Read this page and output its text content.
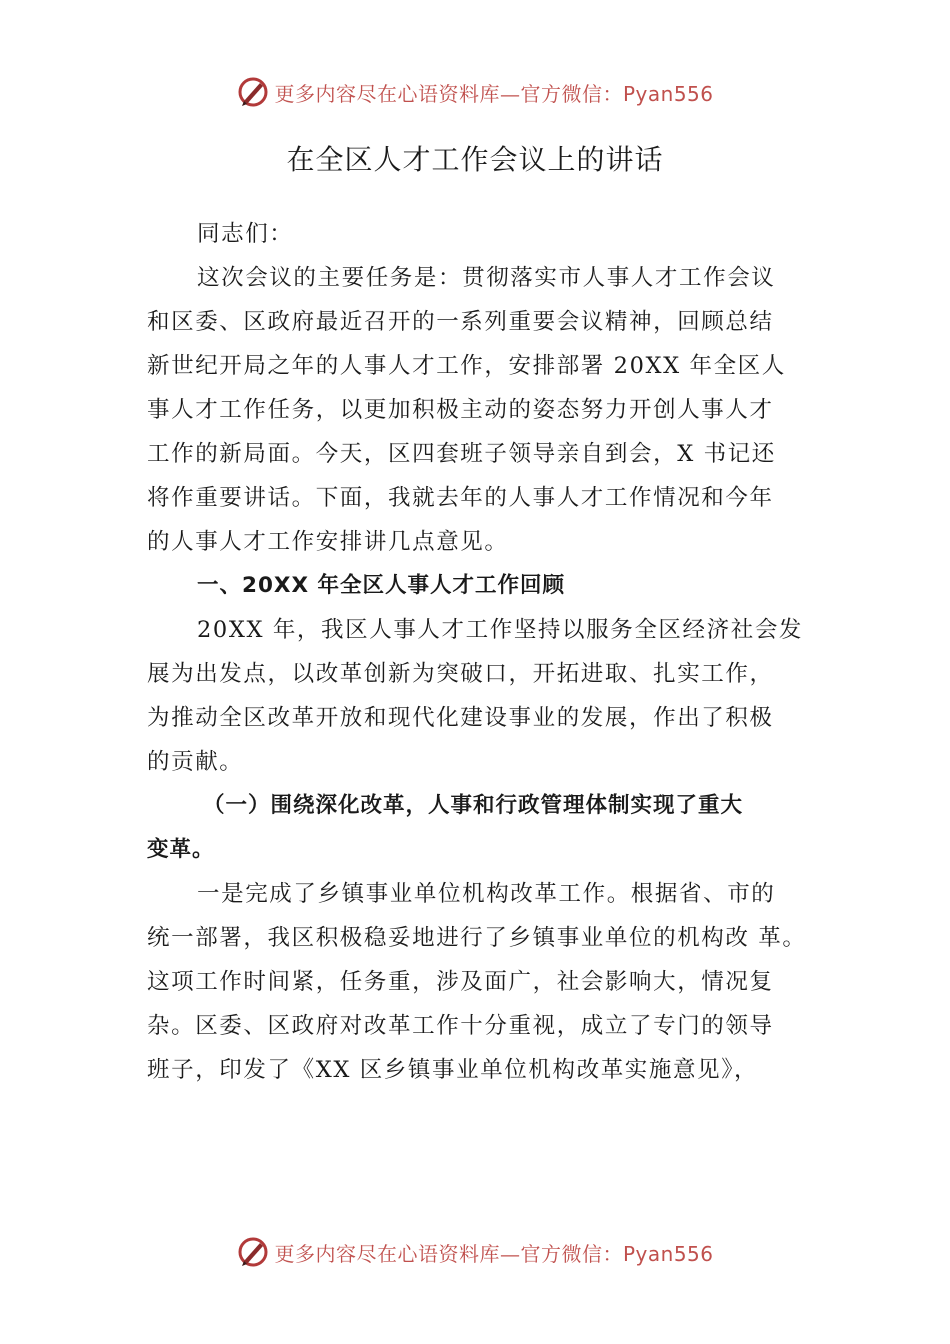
更多内容尽在心语资料库—官方微信：Pyan556
在全区人才工作会议上的讲话

同志们：

这次会议的主要任务是：贯彻落实市人事人才工作会议

和区委、区政府最近召开的一系列重要会议精神，回顾总结

新世纪开局之年的人事人才工作，安排部署 20XX 年全区人

事人才工作任务，以更加积极主动的姿态努力开创人事人才

工作的新局面。今天，区四套班子领导亲自到会，X 书记还

将作重要讲话。下面，我就去年的人事人才工作情况和今年

的人事人才工作安排讲几点意见。

一、20XX 年全区人事人才工作回顾

20XX 年，我区人事人才工作坚持以服务全区经济社会发

展为出发点，以改革创新为突破口，开拓进取、扎实工作，

为推动全区改革开放和现代化建设事业的发展，作出了积极

的贡献。

（一）围绕深化改革，人事和行政管理体制实现了重大

变革。

一是完成了乡镇事业单位机构改革工作。根据省、市的

统一部署，我区积极稳妥地进行了乡镇事业单位的机构改 革。

这项工作时间紧，任务重，涉及面广，社会影响大，情况复

杂。区委、区政府对改革工作十分重视，成立了专门的领导

班子，印发了《XX 区乡镇事业单位机构改革实施意见》，

更多内容尽在心语资料库—官方微信：Pyan556
